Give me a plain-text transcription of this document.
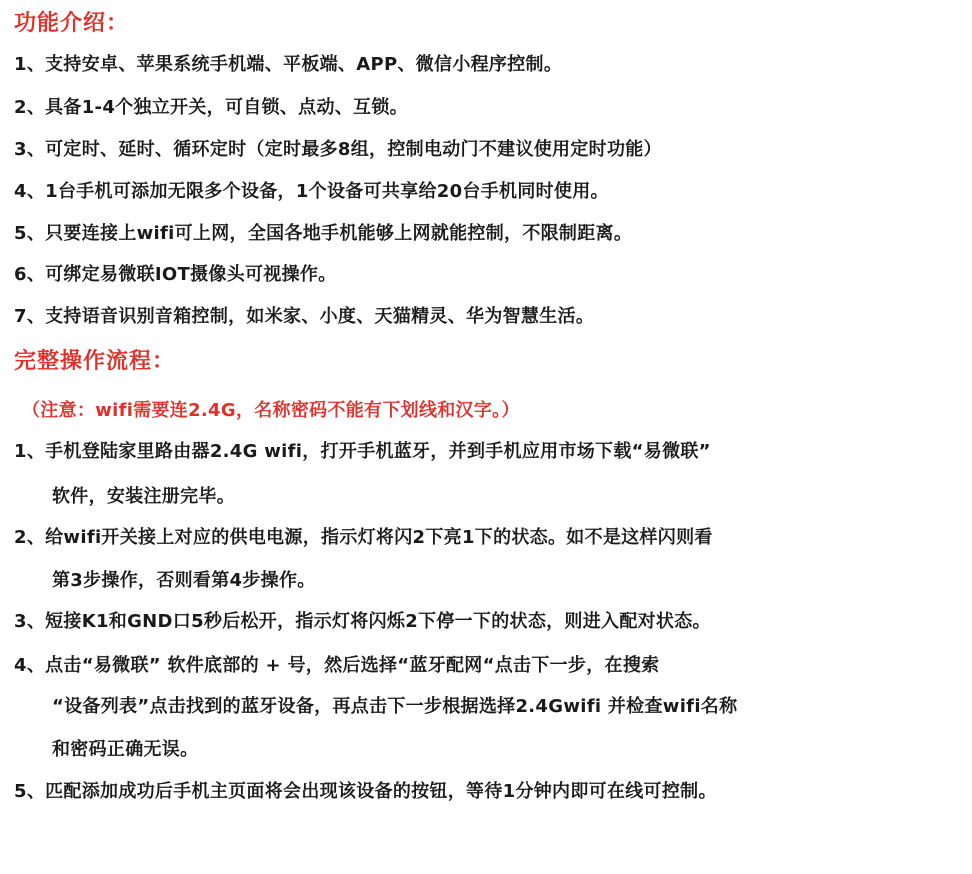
功能介绍：
1、支持安卓、苹果系统手机端、平板端、APP、微信小程序控制。
2、具备1-4个独立开关，可自锁、点动、互锁。
3、可定时、延时、循环定时（定时最多8组，控制电动门不建议使用定时功能）
4、1台手机可添加无限多个设备，1个设备可共享给20台手机同时使用。
5、只要连接上wifi可上网，全国各地手机能够上网就能控制，不限制距离。
6、可绑定易微联IOT摄像头可视操作。
7、支持语音识别音箱控制，如米家、小度、天猫精灵、华为智慧生活。
完整操作流程：
（注意：wifi需要连2.4G，名称密码不能有下划线和汉字。）
1、手机登陆家里路由器2.4G wifi，打开手机蓝牙，并到手机应用市场下载“易微联”
软件，安装注册完毕。
2、给wifi开关接上对应的供电电源，指示灯将闪2下亮1下的状态。如不是这样闪则看
第3步操作，否则看第4步操作。
3、短接K1和GND口5秒后松开，指示灯将闪烁2下停一下的状态，则进入配对状态。
4、点击“易微联” 软件底部的 + 号，然后选择“蓝牙配网“点击下一步，在搜索
“设备列表”点击找到的蓝牙设备，再点击下一步根据选择2.4Gwifi 并检查wifi名称
和密码正确无误。
5、匹配添加成功后手机主页面将会出现该设备的按钮，等待1分钟内即可在线可控制。
